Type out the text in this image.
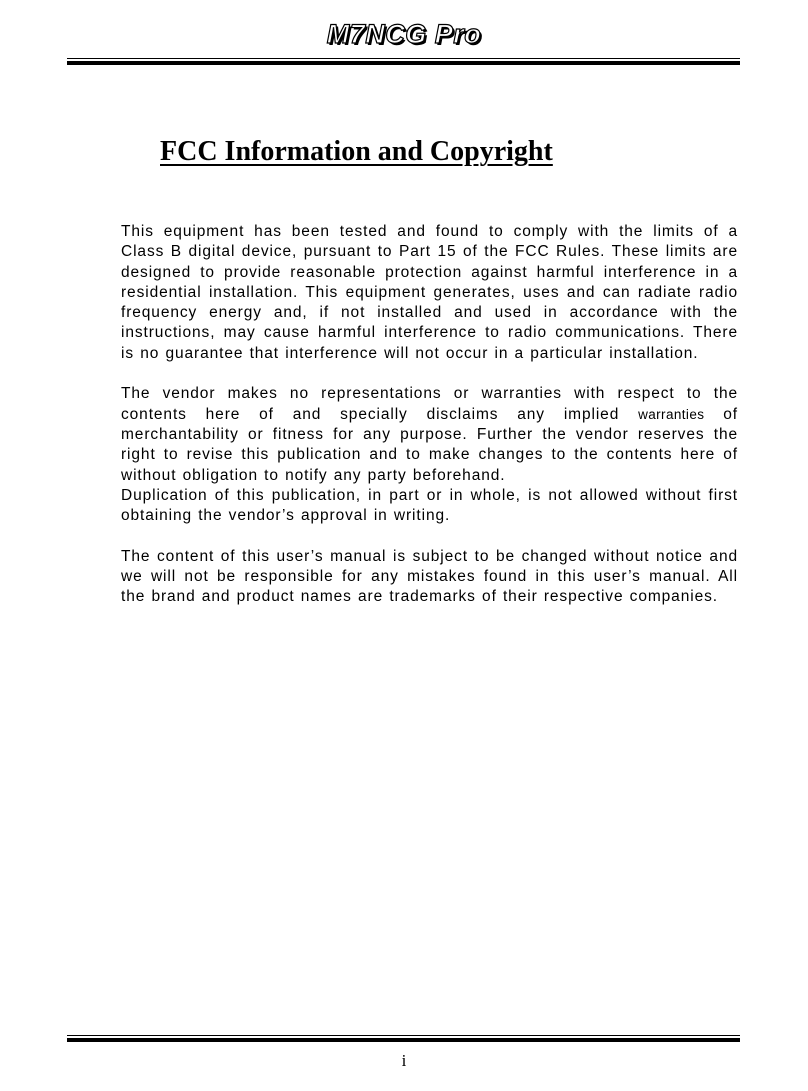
M7NCG Pro
FCC Information and Copyright

This equipment has been tested and found to comply with the limits of a Class B digital device, pursuant to Part 15 of the FCC Rules. These limits are designed to provide reasonable protection against harmful interference in a residential installation. This equipment generates, uses and can radiate radio frequency energy and, if not installed and used in accordance with the instructions, may cause harmful interference to radio communications. There is no guarantee that interference will not occur in a particular installation.

The vendor makes no representations or warranties with respect to the contents here of and specially disclaims any implied warranties of merchantability or fitness for any purpose. Further the vendor reserves the right to revise this publication and to make changes to the contents here of without obligation to notify any party beforehand.

Duplication of this publication, in part or in whole, is not allowed without first obtaining the vendor’s approval in writing.

The content of this user’s manual is subject to be changed without notice and we will not be responsible for any mistakes found in this user’s manual. All the brand and product names are trademarks of their respective companies.

i
